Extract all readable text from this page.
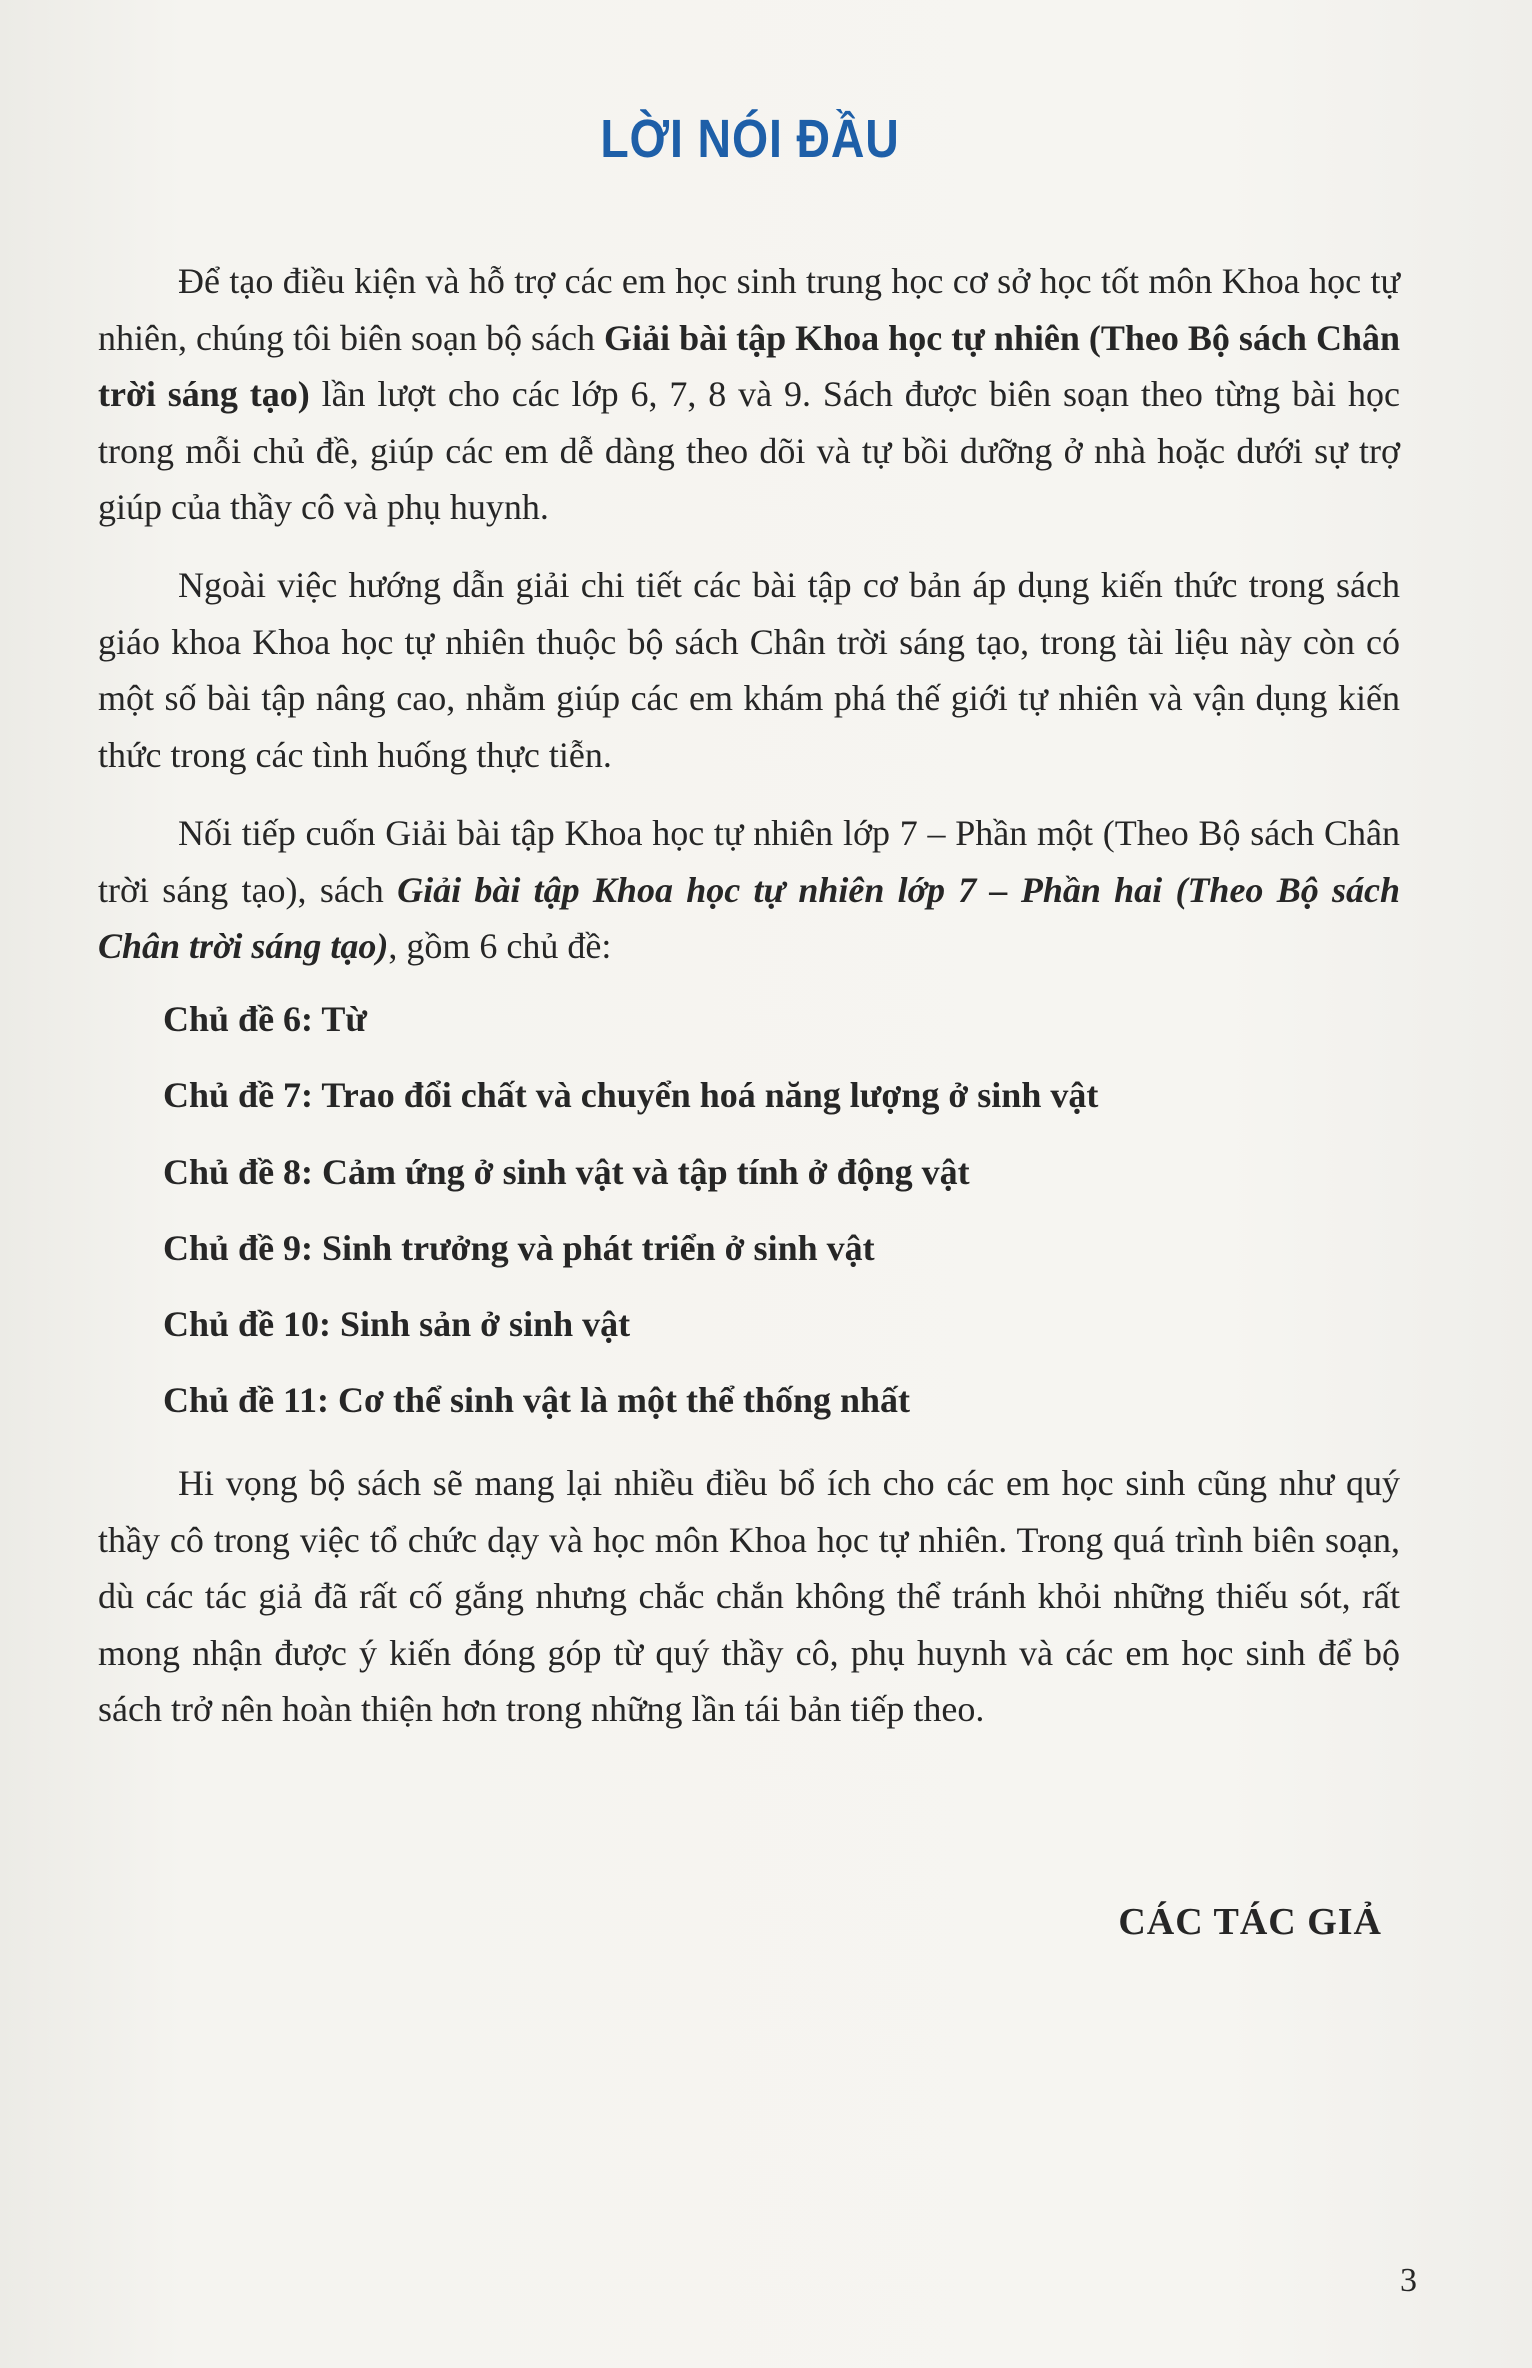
LỜI NÓI ĐẦU

Để tạo điều kiện và hỗ trợ các em học sinh trung học cơ sở học tốt môn Khoa học tự nhiên, chúng tôi biên soạn bộ sách Giải bài tập Khoa học tự nhiên (Theo Bộ sách Chân trời sáng tạo) lần lượt cho các lớp 6, 7, 8 và 9. Sách được biên soạn theo từng bài học trong mỗi chủ đề, giúp các em dễ dàng theo dõi và tự bồi dưỡng ở nhà hoặc dưới sự trợ giúp của thầy cô và phụ huynh.

Ngoài việc hướng dẫn giải chi tiết các bài tập cơ bản áp dụng kiến thức trong sách giáo khoa Khoa học tự nhiên thuộc bộ sách Chân trời sáng tạo, trong tài liệu này còn có một số bài tập nâng cao, nhằm giúp các em khám phá thế giới tự nhiên và vận dụng kiến thức trong các tình huống thực tiễn.

Nối tiếp cuốn Giải bài tập Khoa học tự nhiên lớp 7 – Phần một (Theo Bộ sách Chân trời sáng tạo), sách Giải bài tập Khoa học tự nhiên lớp 7 – Phần hai (Theo Bộ sách Chân trời sáng tạo), gồm 6 chủ đề:

Chủ đề 6: Từ
Chủ đề 7: Trao đổi chất và chuyển hoá năng lượng ở sinh vật
Chủ đề 8: Cảm ứng ở sinh vật và tập tính ở động vật
Chủ đề 9: Sinh trưởng và phát triển ở sinh vật
Chủ đề 10: Sinh sản ở sinh vật
Chủ đề 11: Cơ thể sinh vật là một thể thống nhất

Hi vọng bộ sách sẽ mang lại nhiều điều bổ ích cho các em học sinh cũng như quý thầy cô trong việc tổ chức dạy và học môn Khoa học tự nhiên. Trong quá trình biên soạn, dù các tác giả đã rất cố gắng nhưng chắc chắn không thể tránh khỏi những thiếu sót, rất mong nhận được ý kiến đóng góp từ quý thầy cô, phụ huynh và các em học sinh để bộ sách trở nên hoàn thiện hơn trong những lần tái bản tiếp theo.

CÁC TÁC GIẢ
3
